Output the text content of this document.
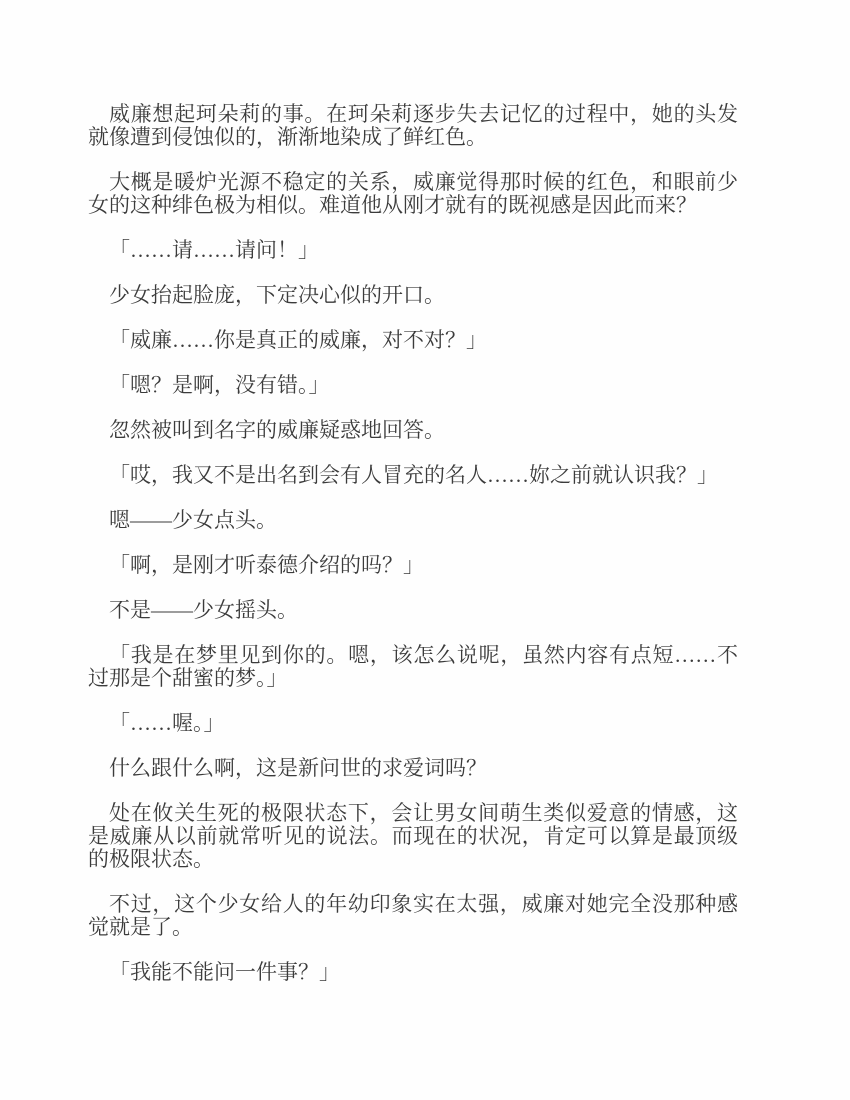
威廉想起珂朵莉的事。在珂朵莉逐步失去记忆的过程中，她的头发就像遭到侵蚀似的，渐渐地染成了鲜红色。

大概是暖炉光源不稳定的关系，威廉觉得那时候的红色，和眼前少女的这种绯色极为相似。难道他从刚才就有的既视感是因此而来？

「……请……请问！」

少女抬起脸庞，下定决心似的开口。

「威廉……你是真正的威廉，对不对？」

「嗯？是啊，没有错。」

忽然被叫到名字的威廉疑惑地回答。

「哎，我又不是出名到会有人冒充的名人……妳之前就认识我？」

嗯——少女点头。

「啊，是刚才听泰德介绍的吗？」

不是——少女摇头。

「我是在梦里见到你的。嗯，该怎么说呢，虽然内容有点短……不过那是个甜蜜的梦。」

「……喔。」

什么跟什么啊，这是新问世的求爱词吗？

处在攸关生死的极限状态下，会让男女间萌生类似爱意的情感，这是威廉从以前就常听见的说法。而现在的状况，肯定可以算是最顶级的极限状态。

不过，这个少女给人的年幼印象实在太强，威廉对她完全没那种感觉就是了。

「我能不能问一件事？」
